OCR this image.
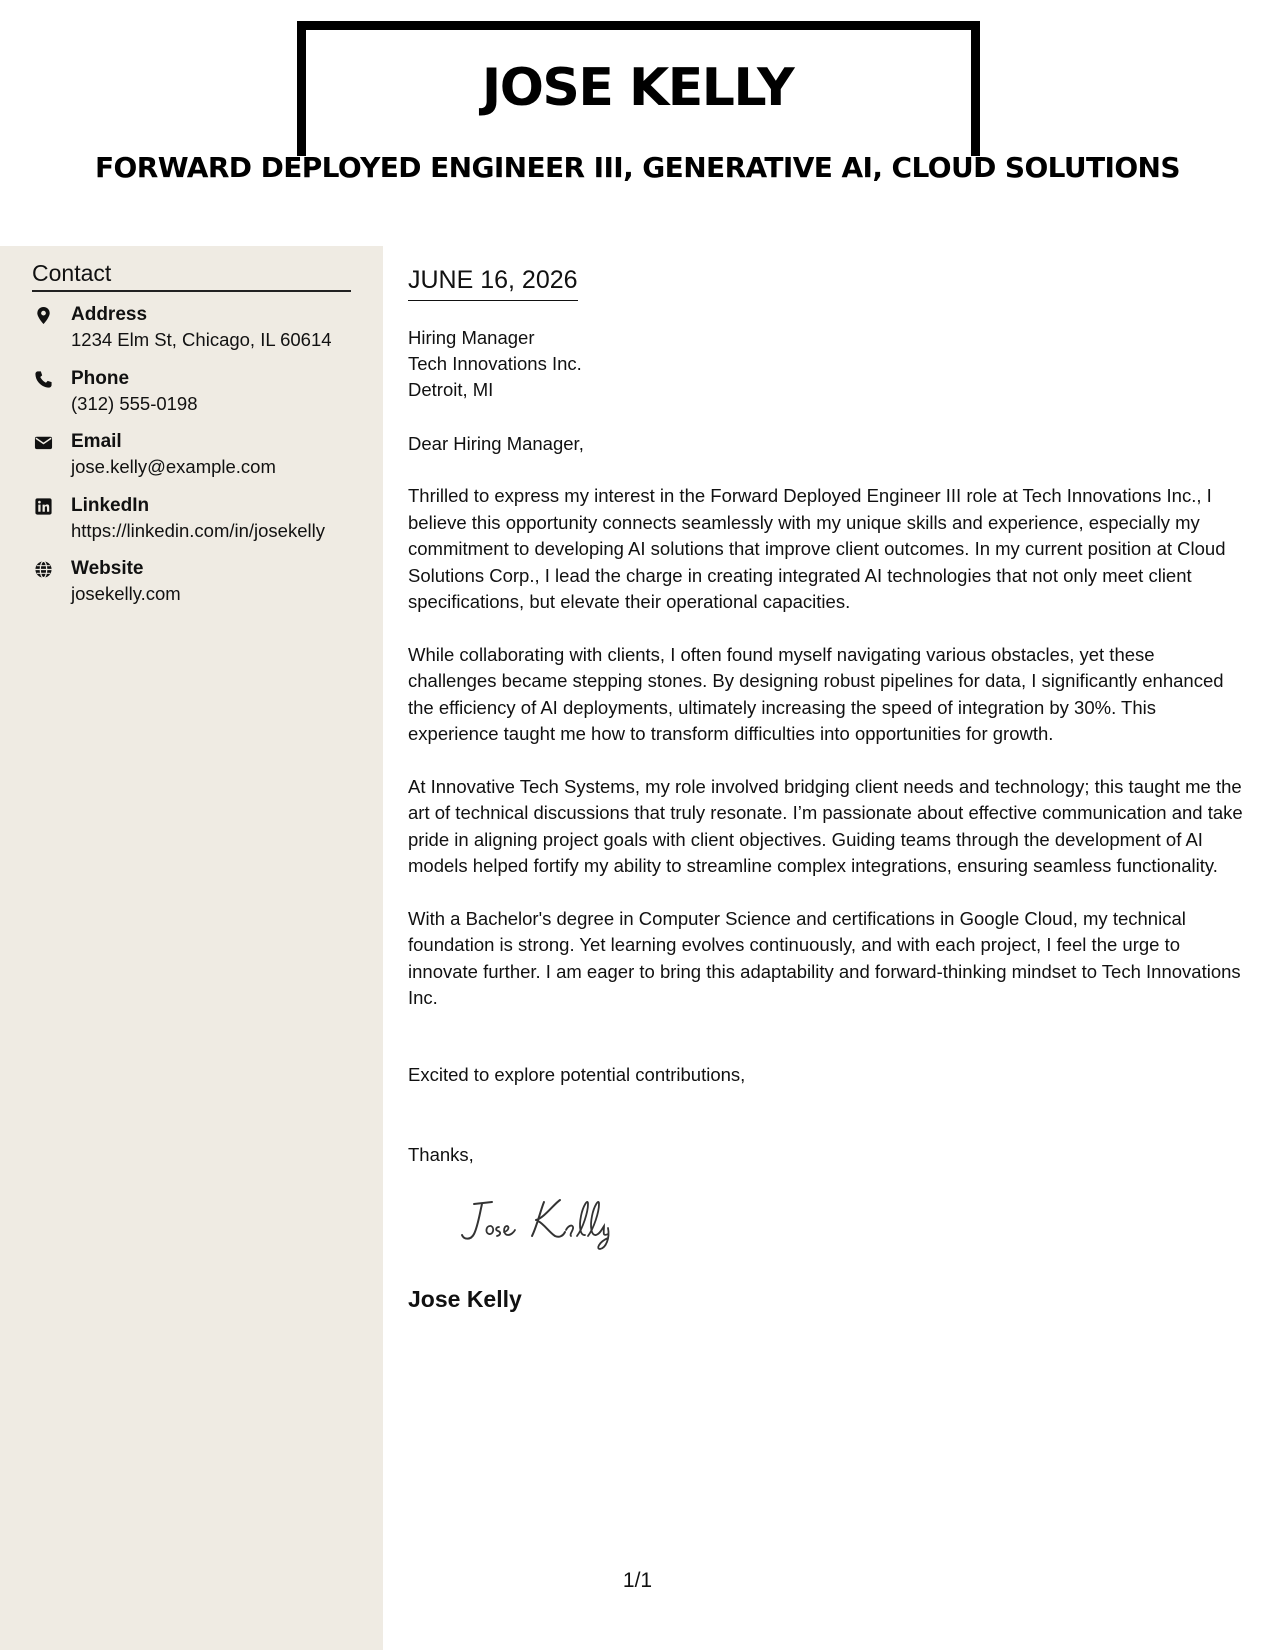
JOSE KELLY
FORWARD DEPLOYED ENGINEER III, GENERATIVE AI, CLOUD SOLUTIONS
Contact
Address
1234 Elm St, Chicago, IL 60614
Phone
(312) 555-0198
Email
jose.kelly@example.com
LinkedIn
https://linkedin.com/in/josekelly
Website
josekelly.com
JUNE 16, 2026
Hiring Manager
Tech Innovations Inc.
Detroit, MI
Dear Hiring Manager,

Thrilled to express my interest in the Forward Deployed Engineer III role at Tech Innovations Inc., I believe this opportunity connects seamlessly with my unique skills and experience, especially my commitment to developing AI solutions that improve client outcomes. In my current position at Cloud Solutions Corp., I lead the charge in creating integrated AI technologies that not only meet client specifications, but elevate their operational capacities.

While collaborating with clients, I often found myself navigating various obstacles, yet these challenges became stepping stones. By designing robust pipelines for data, I significantly enhanced the efficiency of AI deployments, ultimately increasing the speed of integration by 30%. This experience taught me how to transform difficulties into opportunities for growth.

At Innovative Tech Systems, my role involved bridging client needs and technology; this taught me the art of technical discussions that truly resonate. I’m passionate about effective communication and take pride in aligning project goals with client objectives. Guiding teams through the development of AI models helped fortify my ability to streamline complex integrations, ensuring seamless functionality.

With a Bachelor's degree in Computer Science and certifications in Google Cloud, my technical foundation is strong. Yet learning evolves continuously, and with each project, I feel the urge to innovate further. I am eager to bring this adaptability and forward-thinking mindset to Tech Innovations Inc.

Excited to explore potential contributions,
Thanks,
Jose Kelly
1/1
